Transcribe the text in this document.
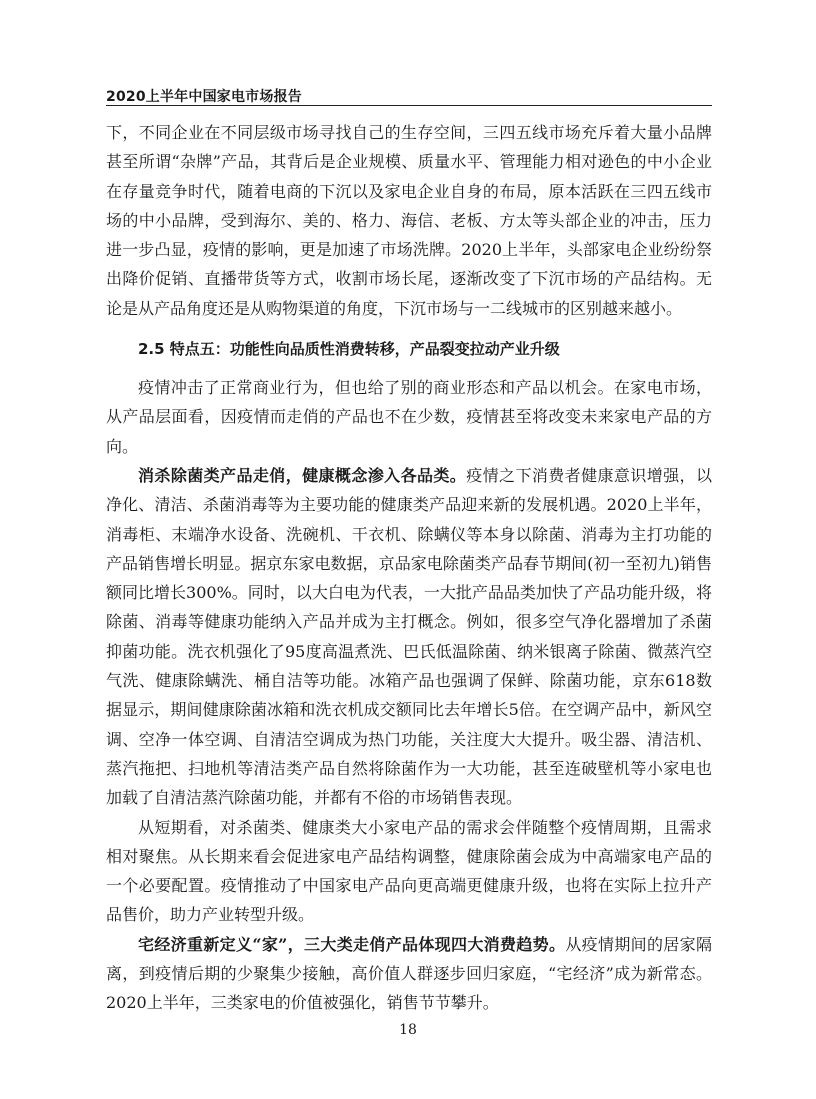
2020上半年中国家电市场报告

下，不同企业在不同层级市场寻找自己的生存空间，三四五线市场充斥着大量小品牌甚至所谓“杂牌”产品，其背后是企业规模、质量水平、管理能力相对逊色的中小企业在存量竞争时代，随着电商的下沉以及家电企业自身的布局，原本活跃在三四五线市场的中小品牌，受到海尔、美的、格力、海信、老板、方太等头部企业的冲击，压力进一步凸显，疫情的影响，更是加速了市场洗牌。2020上半年，头部家电企业纷纷祭出降价促销、直播带货等方式，收割市场长尾，逐渐改变了下沉市场的产品结构。无论是从产品角度还是从购物渠道的角度，下沉市场与一二线城市的区别越来越小。

2.5 特点五：功能性向品质性消费转移，产品裂变拉动产业升级

疫情冲击了正常商业行为，但也给了别的商业形态和产品以机会。在家电市场，从产品层面看，因疫情而走俏的产品也不在少数，疫情甚至将改变未来家电产品的方向。

消杀除菌类产品走俏，健康概念渗入各品类。疫情之下消费者健康意识增强，以净化、清洁、杀菌消毒等为主要功能的健康类产品迎来新的发展机遇。2020上半年，消毒柜、末端净水设备、洗碗机、干衣机、除螨仪等本身以除菌、消毒为主打功能的产品销售增长明显。据京东家电数据，京品家电除菌类产品春节期间(初一至初九)销售额同比增长300%。同时，以大白电为代表，一大批产品品类加快了产品功能升级，将除菌、消毒等健康功能纳入产品并成为主打概念。例如，很多空气净化器增加了杀菌抑菌功能。洗衣机强化了95度高温煮洗、巴氏低温除菌、纳米银离子除菌、微蒸汽空气洗、健康除螨洗、桶自洁等功能。冰箱产品也强调了保鲜、除菌功能，京东618数据显示，期间健康除菌冰箱和洗衣机成交额同比去年增长5倍。在空调产品中，新风空调、空净一体空调、自清洁空调成为热门功能，关注度大大提升。吸尘器、清洁机、蒸汽拖把、扫地机等清洁类产品自然将除菌作为一大功能，甚至连破壁机等小家电也加载了自清洁蒸汽除菌功能，并都有不俗的市场销售表现。

从短期看，对杀菌类、健康类大小家电产品的需求会伴随整个疫情周期，且需求相对聚焦。从长期来看会促进家电产品结构调整，健康除菌会成为中高端家电产品的一个必要配置。疫情推动了中国家电产品向更高端更健康升级，也将在实际上拉升产品售价，助力产业转型升级。

宅经济重新定义“家”，三大类走俏产品体现四大消费趋势。从疫情期间的居家隔离，到疫情后期的少聚集少接触，高价值人群逐步回归家庭，“宅经济”成为新常态。2020上半年，三类家电的价值被强化，销售节节攀升。

18
